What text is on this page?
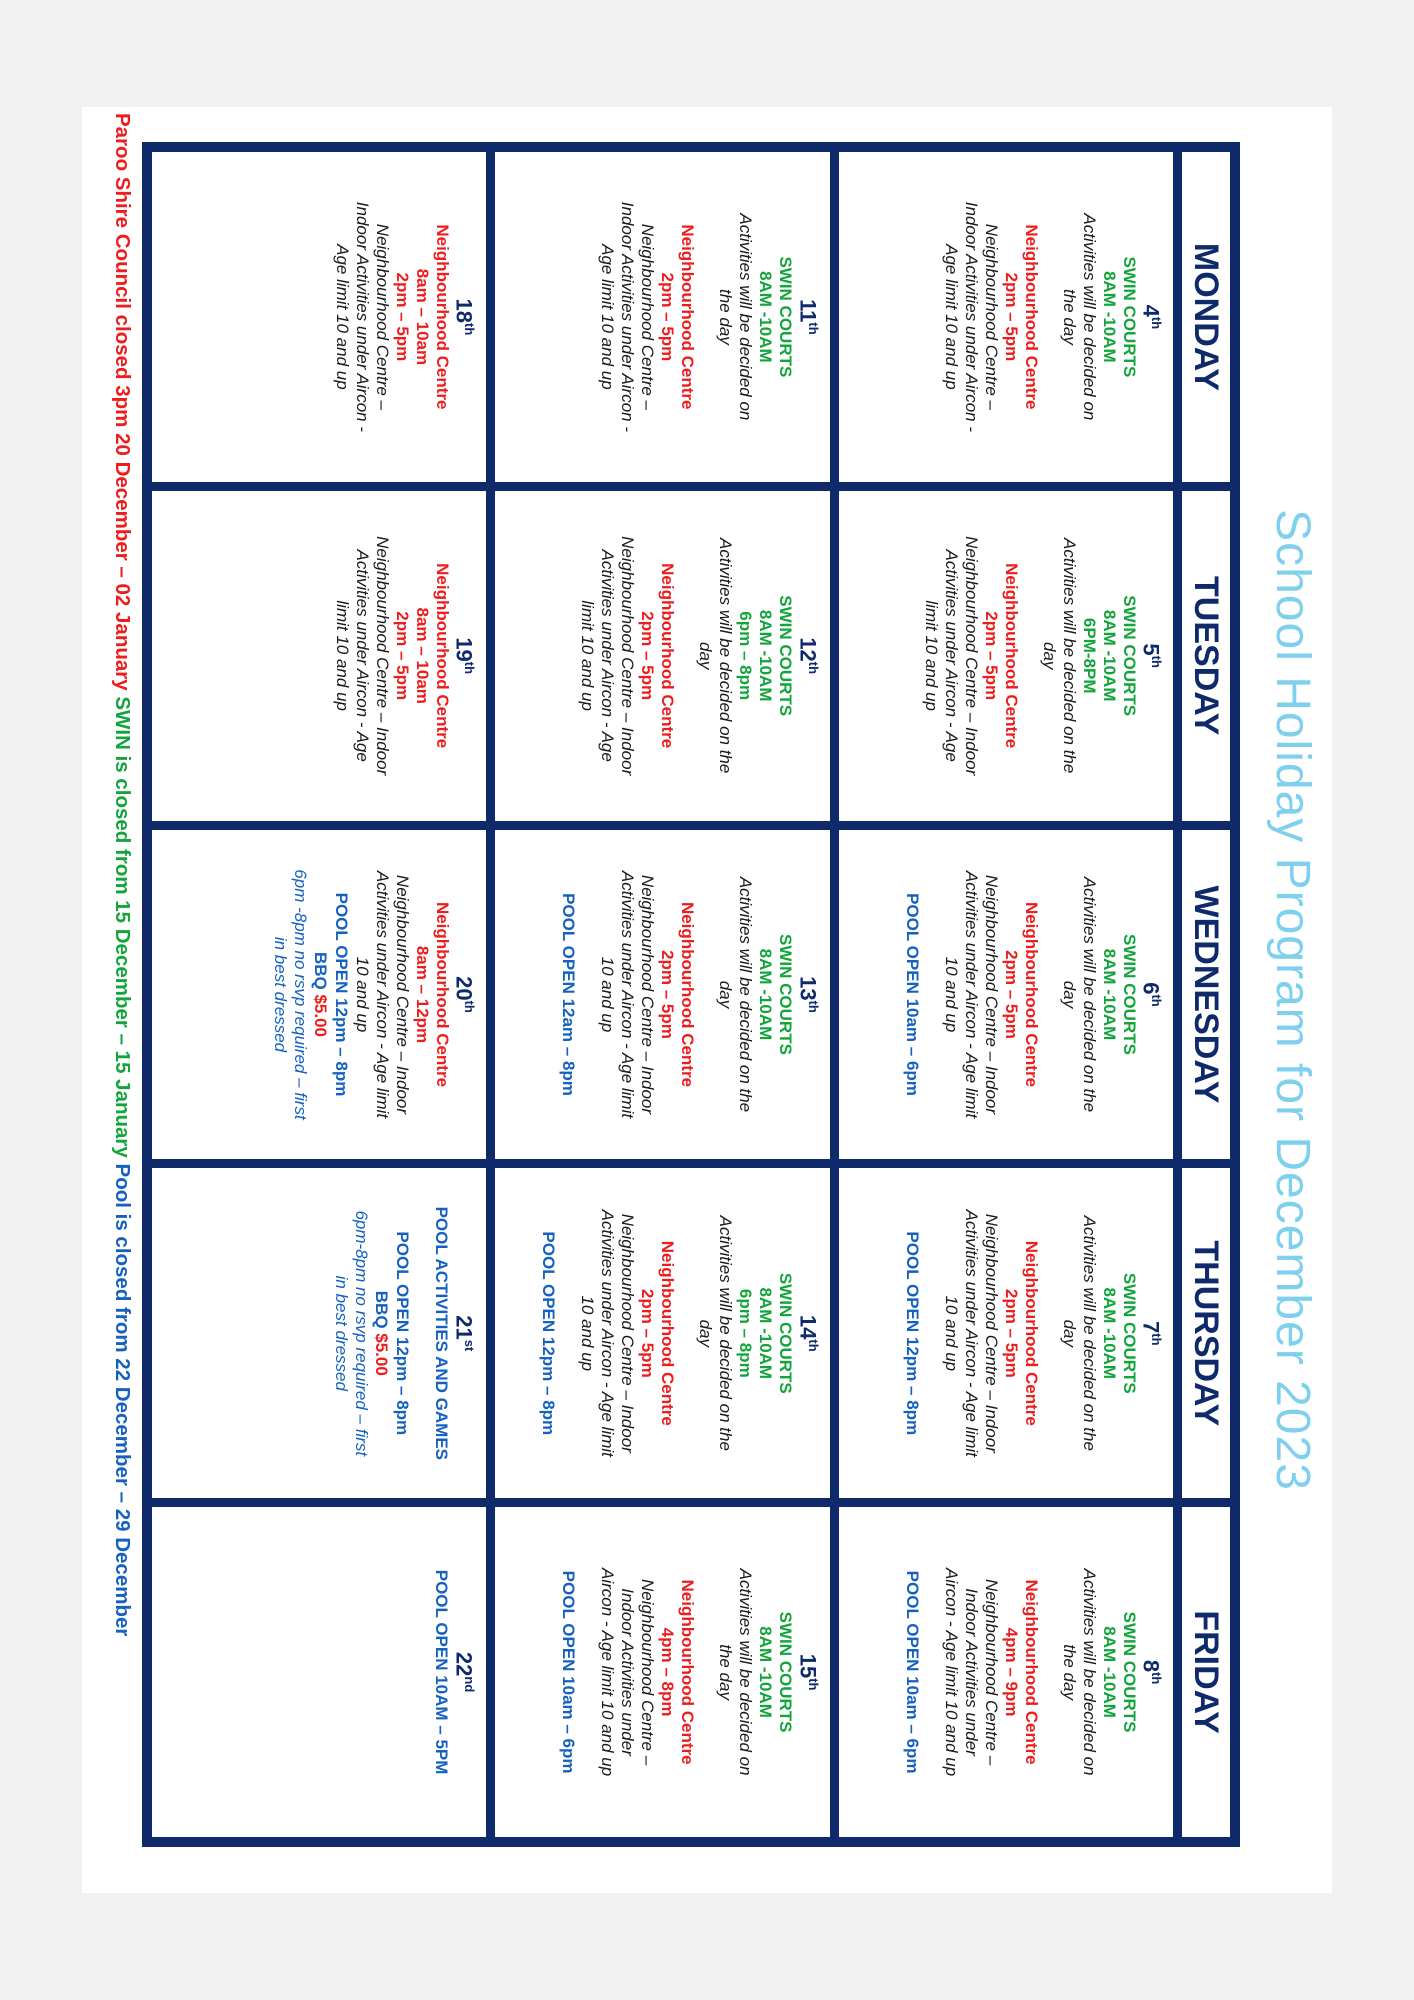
School Holiday Program for December 2023
MONDAY
TUESDAY
WEDNESDAY
THURSDAY
FRIDAY
4th
SWIN COURTS
8AM -10AM
Activities will be decided on
the day
Neighbourhood Centre
2pm – 5pm
Neighbourhood Centre –
Indoor Activities under Aircon -
Age limit 10 and up
5th
SWIN COURTS
8AM -10AM
6PM-8PM
Activities will be decided on the
day
Neighbourhood Centre
2pm – 5pm
Neighbourhood Centre – Indoor
Activities under Aircon - Age
limit 10 and up
6th
SWIN COURTS
8AM -10AM
Activities will be decided on the
day
Neighbourhood Centre
2pm – 5pm
Neighbourhood Centre – Indoor
Activities under Aircon - Age limit
10 and up
POOL OPEN 10am – 6pm
7th
SWIN COURTS
8AM -10AM
Activities will be decided on the
day
Neighbourhood Centre
2pm – 5pm
Neighbourhood Centre – Indoor
Activities under Aircon - Age limit
10 and up
POOL OPEN 12pm – 8pm
8th
SWIN COURTS
8AM -10AM
Activities will be decided on
the day
Neighbourhood Centre
4pm – 9pm
Neighbourhood Centre –
Indoor Activities under
Aircon - Age limit 10 and up
POOL OPEN 10am – 6pm
11th
SWIN COURTS
8AM -10AM
Activities will be decided on
the day
Neighbourhood Centre
2pm – 5pm
Neighbourhood Centre –
Indoor Activities under Aircon -
Age limit 10 and up
12th
SWIN COURTS
8AM -10AM
6pm – 8pm
Activities will be decided on the
day
Neighbourhood Centre
2pm – 5pm
Neighbourhood Centre – Indoor
Activities under Aircon - Age
limit 10 and up
13th
SWIN COURTS
8AM -10AM
Activities will be decided on the
day
Neighbourhood Centre
2pm – 5pm
Neighbourhood Centre – Indoor
Activities under Aircon - Age limit
10 and up
POOL OPEN 12am – 8pm
14th
SWIN COURTS
8AM -10AM
6pm – 8pm
Activities will be decided on the
day
Neighbourhood Centre
2pm – 5pm
Neighbourhood Centre – Indoor
Activities under Aircon - Age limit
10 and up
POOL OPEN 12pm – 8pm
15th
SWIN COURTS
8AM -10AM
Activities will be decided on
the day
Neighbourhood Centre
4pm – 8pm
Neighbourhood Centre –
Indoor Activities under
Aircon - Age limit 10 and up
POOL OPEN 10am – 6pm
18th
Neighbourhood Centre
8am – 10am
2pm – 5pm
Neighbourhood Centre –
Indoor Activities under Aircon -
Age limit 10 and up
19th
Neighbourhood Centre
8am – 10am
2pm – 5pm
Neighbourhood Centre – Indoor
Activities under Aircon - Age
limit 10 and up
20th
Neighbourhood Centre
8am – 12pm
Neighbourhood Centre – Indoor
Activities under Aircon - Age limit
10 and up
POOL OPEN 12pm – 8pm
BBQ $5.00
6pm -8pm no rsvp required – first
in best dressed
21st
POOL ACTIVITIES AND GAMES
POOL OPEN 12pm – 8pm
BBQ $5.00
6pm-8pm no rsvp required – first
in best dressed
22nd
POOL OPEN 10AM – 5PM
Paroo Shire Council closed 3pm 20 December – 02 January SWIN is closed from 15 December – 15 January Pool is closed from 22 December – 29 December
